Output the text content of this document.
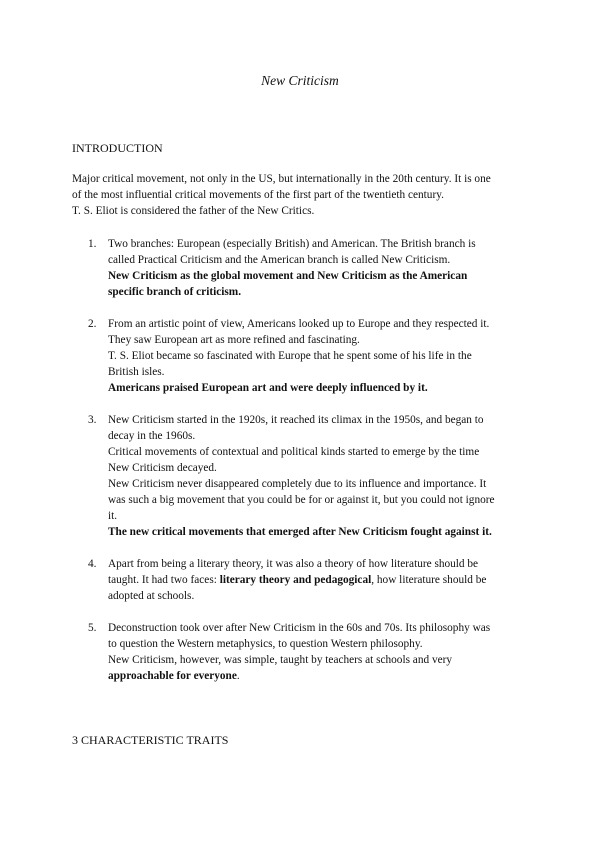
New Criticism
INTRODUCTION

Major critical movement, not only in the US, but internationally in the 20th century. It is one

of the most influential critical movements of the first part of the twentieth century.

T. S. Eliot is considered the father of the New Critics.

1. Two branches: European (especially British) and American. The British branch is

called Practical Criticism and the American branch is called New Criticism.

New Criticism as the global movement and New Criticism as the American

specific branch of criticism.

2. From an artistic point of view, Americans looked up to Europe and they respected it.

They saw European art as more refined and fascinating.

T. S. Eliot became so fascinated with Europe that he spent some of his life in the

British isles.

Americans praised European art and were deeply influenced by it.

3. New Criticism started in the 1920s, it reached its climax in the 1950s, and began to

decay in the 1960s.

Critical movements of contextual and political kinds started to emerge by the time

New Criticism decayed.

New Criticism never disappeared completely due to its influence and importance. It

was such a big movement that you could be for or against it, but you could not ignore

it.

The new critical movements that emerged after New Criticism fought against it.

4. Apart from being a literary theory, it was also a theory of how literature should be

taught. It had two faces: literary theory and pedagogical, how literature should be

adopted at schools.

5. Deconstruction took over after New Criticism in the 60s and 70s. Its philosophy was

to question the Western metaphysics, to question Western philosophy.

New Criticism, however, was simple, taught by teachers at schools and very

approachable for everyone.

3 CHARACTERISTIC TRAITS
